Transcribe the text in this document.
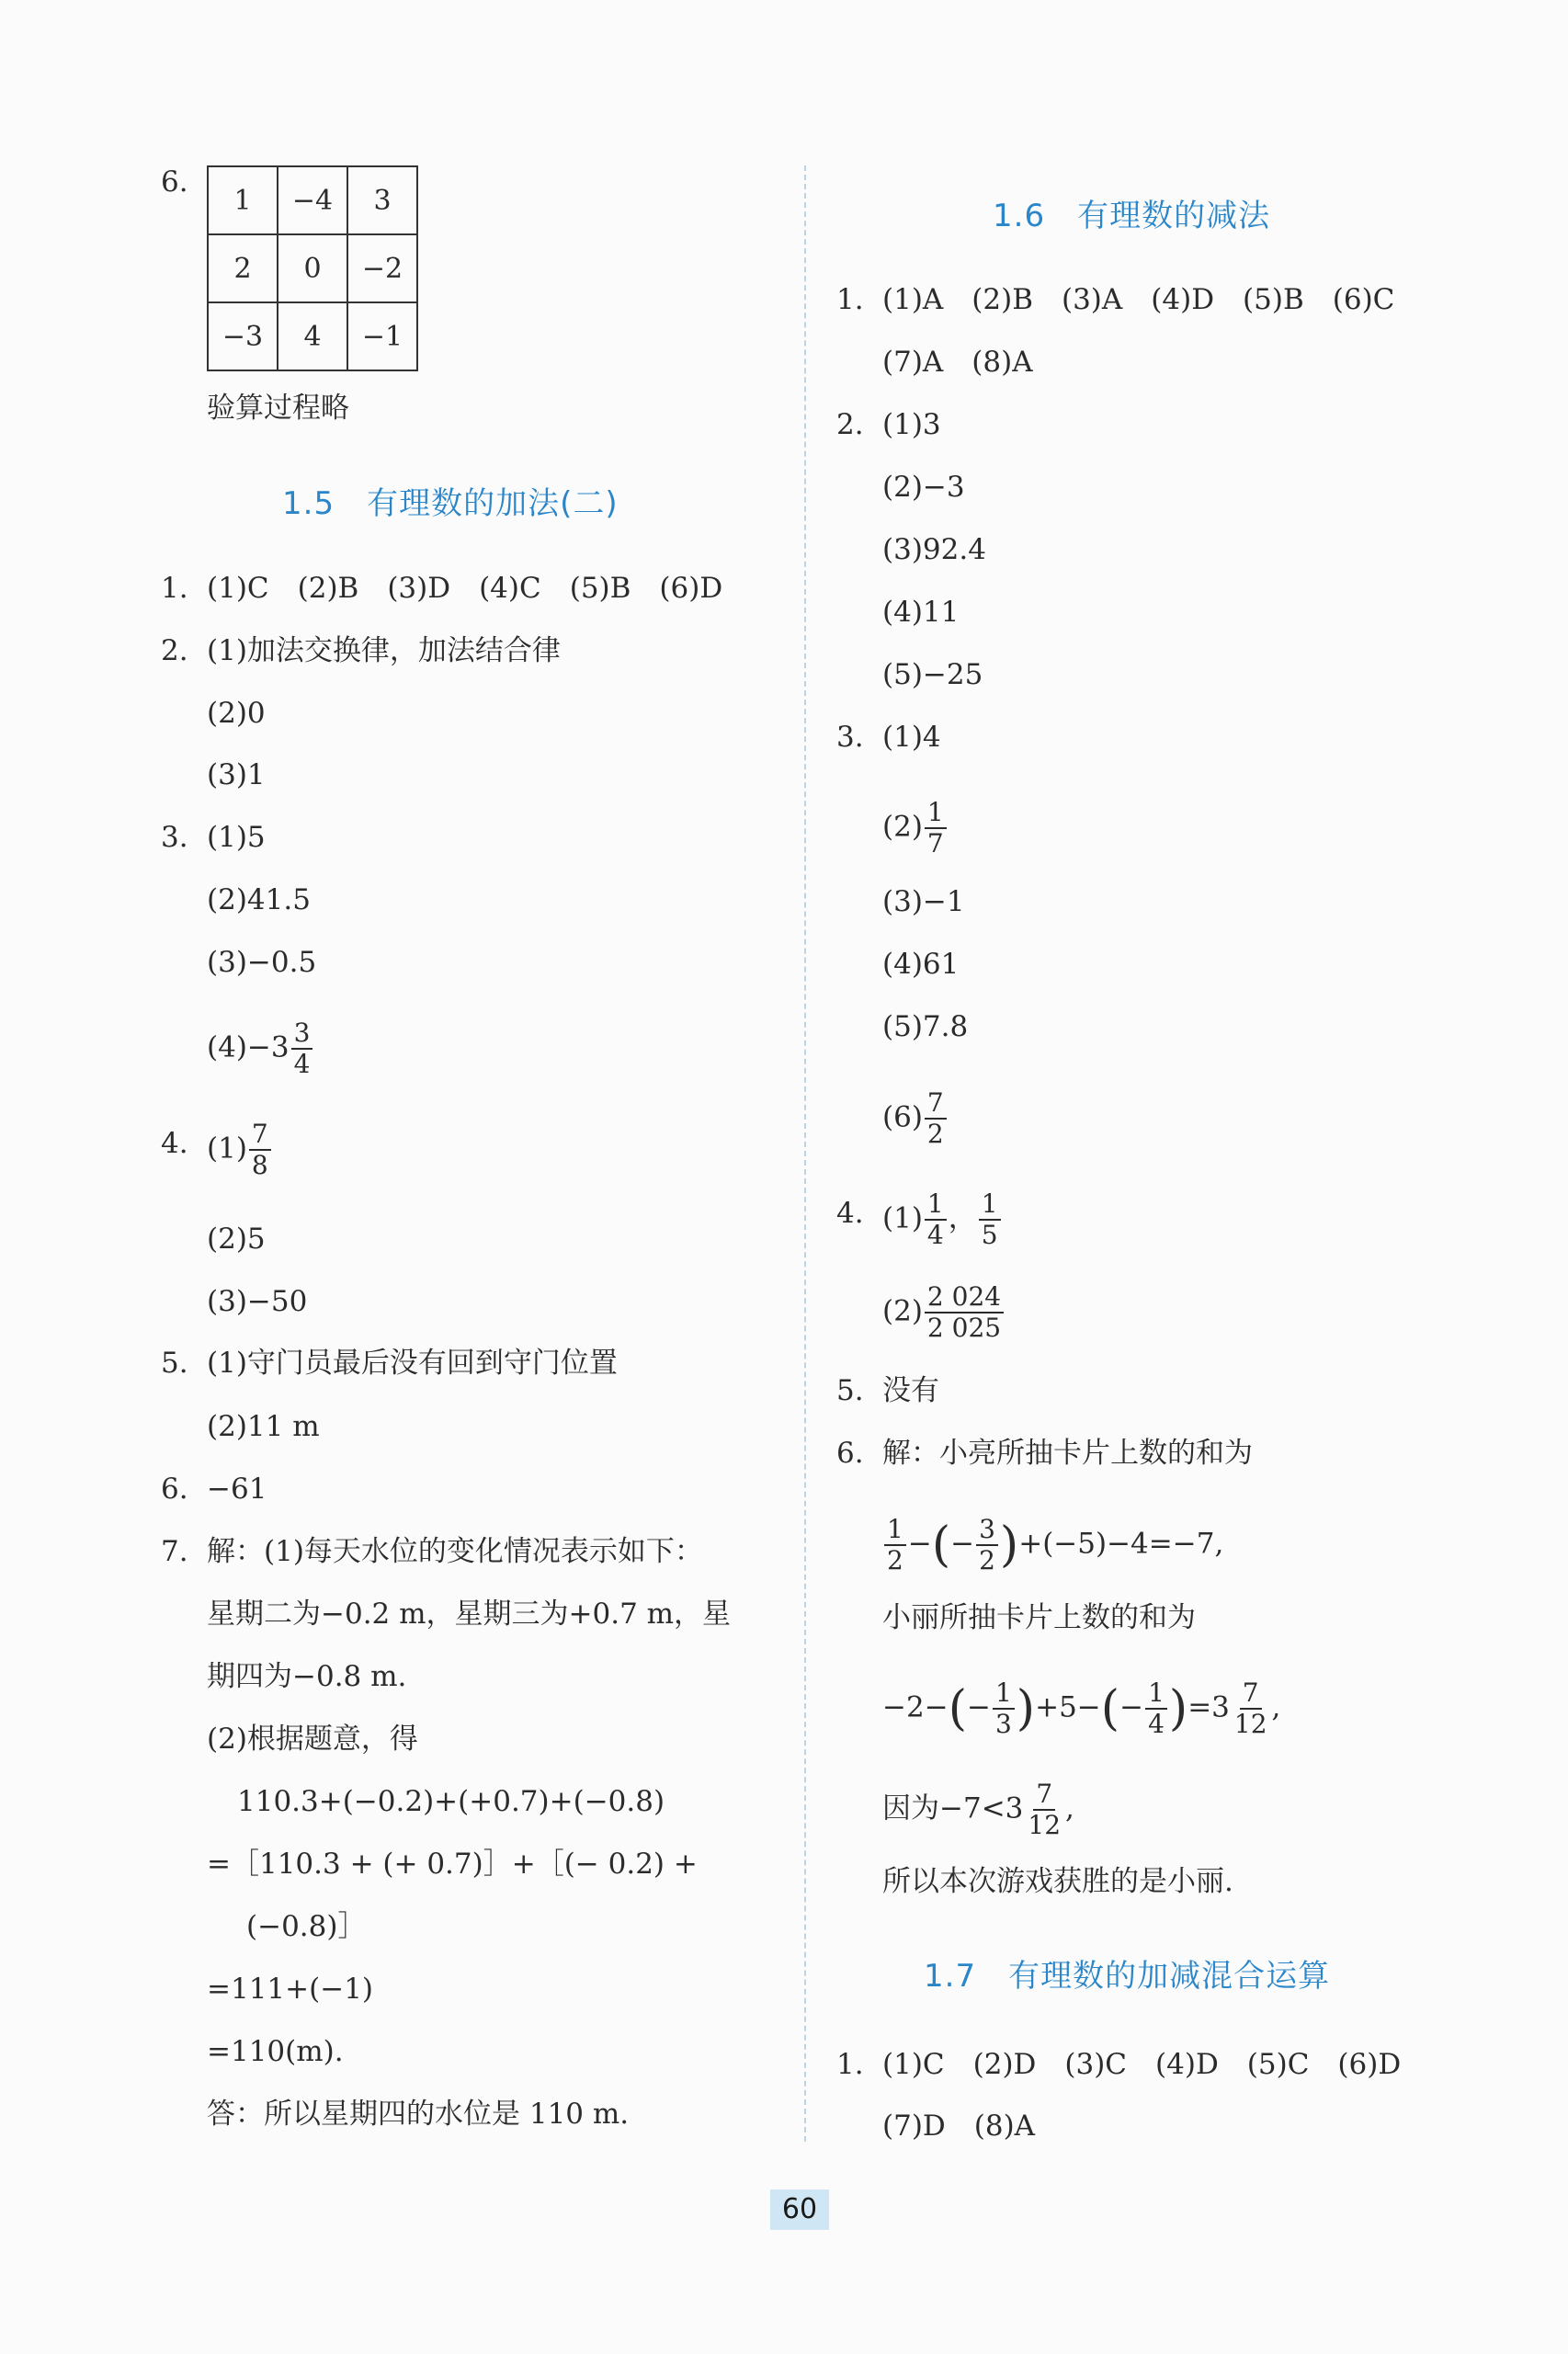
6.
1	−4	3
2	0	−2
−3	4	−1
验算过程略
1.5　有理数的加法(二)
1. (1)C　(2)B　(3)D　(4)C　(5)B　(6)D
2. (1)加法交换律，加法结合律
(2)0
(3)1
3. (1)5
(2)41.5
(3)−0.5
$(4)-3 \frac{3}{4}$
4. $(1) \frac{7}{8}$
(2)5
(3)−50
5. (1)守门员最后没有回到守门位置
(2)11 m
6. −61
7. 解：(1)每天水位的变化情况表示如下：
星期二为−0.2 m，星期三为+0.7 m，星
期四为−0.8 m.
(2)根据题意，得
110.3+(−0.2)+(+0.7)+(−0.8)
=［110.3 + (+ 0.7)］+［(− 0.2) +
(−0.8)］
=111+(−1)
=110(m).
答：所以星期四的水位是 110 m.
1.6　有理数的减法
1. (1)A　(2)B　(3)A　(4)D　(5)B　(6)C
(7)A　(8)A
2. (1)3
(2)−3
(3)92.4
(4)11
(5)−25
3. (1)4
$(2) \frac{1}{7}$
(3)−1
(4)61
(5)7.8
$(6) \frac{7}{2}$
4. $(1) \frac{1}{4}$ ， $\frac{1}{5}$
$(2) \frac{2 024}{2 025}$
5. 没有
6. 解：小亮所抽卡片上数的和为
$\frac{1}{2}$ −(− $\frac{3}{2} )+(-5)-4=-7$,
小丽所抽卡片上数的和为
$-2-(- \frac{1}{3} )+5-(- \frac{1}{4} )=3 \frac{7}{12}$ ,
因为$-7<3 \frac{7}{12}$ ,
所以本次游戏获胜的是小丽.
1.7　有理数的加减混合运算
1. (1)C　(2)D　(3)C　(4)D　(5)C　(6)D
(7)D　(8)A
60
